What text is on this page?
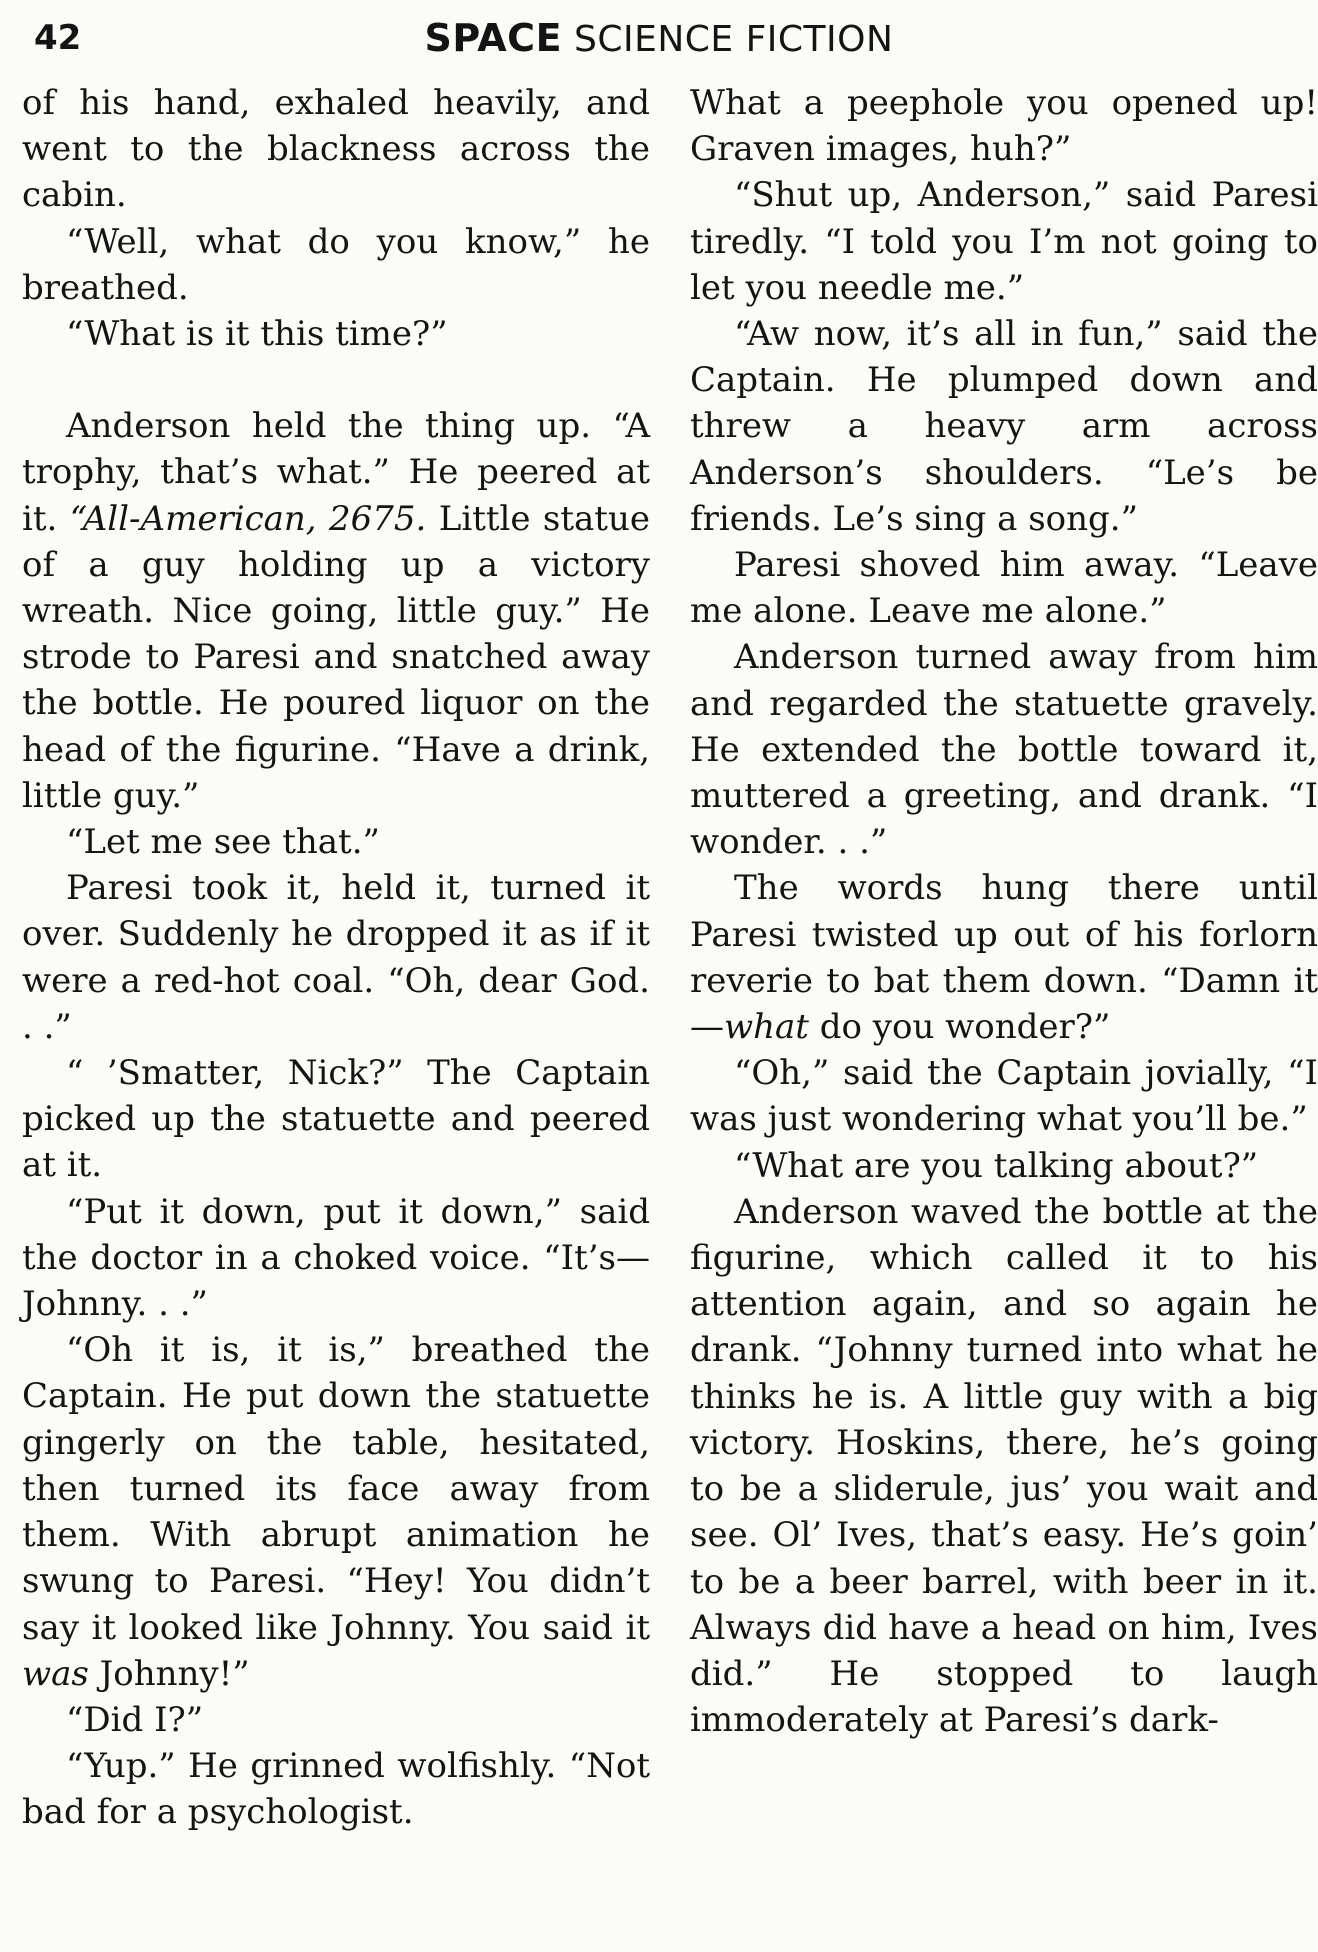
42	SPACE SCIENCE FICTION

of his hand, exhaled heavily, and went to the blackness across the cabin.

“Well, what do you know,” he breathed.

“What is it this time?”

Anderson held the thing up. “A trophy, that’s what.” He peered at it. “All-American, 2675. Little statue of a guy holding up a victory wreath. Nice going, little guy.” He strode to Paresi and snatched away the bottle. He poured liquor on the head of the figurine. “Have a drink, little guy.”

“Let me see that.”

Paresi took it, held it, turned it over. Suddenly he dropped it as if it were a red-hot coal. “Oh, dear God. . .”

“ ’Smatter, Nick?” The Captain picked up the statuette and peered at it.

“Put it down, put it down,” said the doctor in a choked voice. “It’s—Johnny. . .”

“Oh it is, it is,” breathed the Captain. He put down the statuette gingerly on the table, hesitated, then turned its face away from them. With abrupt animation he swung to Paresi. “Hey! You didn’t say it looked like Johnny. You said it was Johnny!”

“Did I?”

“Yup.” He grinned wolfishly. “Not bad for a psychologist.

What a peephole you opened up! Graven images, huh?”

“Shut up, Anderson,” said Paresi tiredly. “I told you I’m not going to let you needle me.”

“Aw now, it’s all in fun,” said the Captain. He plumped down and threw a heavy arm across Anderson’s shoulders. “Le’s be friends. Le’s sing a song.”

Paresi shoved him away. “Leave me alone. Leave me alone.”

Anderson turned away from him and regarded the statuette gravely. He extended the bottle toward it, muttered a greeting, and drank. “I wonder. . .”

The words hung there until Paresi twisted up out of his forlorn reverie to bat them down. “Damn it—what do you wonder?”

“Oh,” said the Captain jovially, “I was just wondering what you’ll be.”

“What are you talking about?”

Anderson waved the bottle at the figurine, which called it to his attention again, and so again he drank. “Johnny turned into what he thinks he is. A little guy with a big victory. Hoskins, there, he’s going to be a sliderule, jus’ you wait and see. Ol’ Ives, that’s easy. He’s goin’ to be a beer barrel, with beer in it. Always did have a head on him, Ives did.” He stopped to laugh immoderately at Paresi’s dark-
